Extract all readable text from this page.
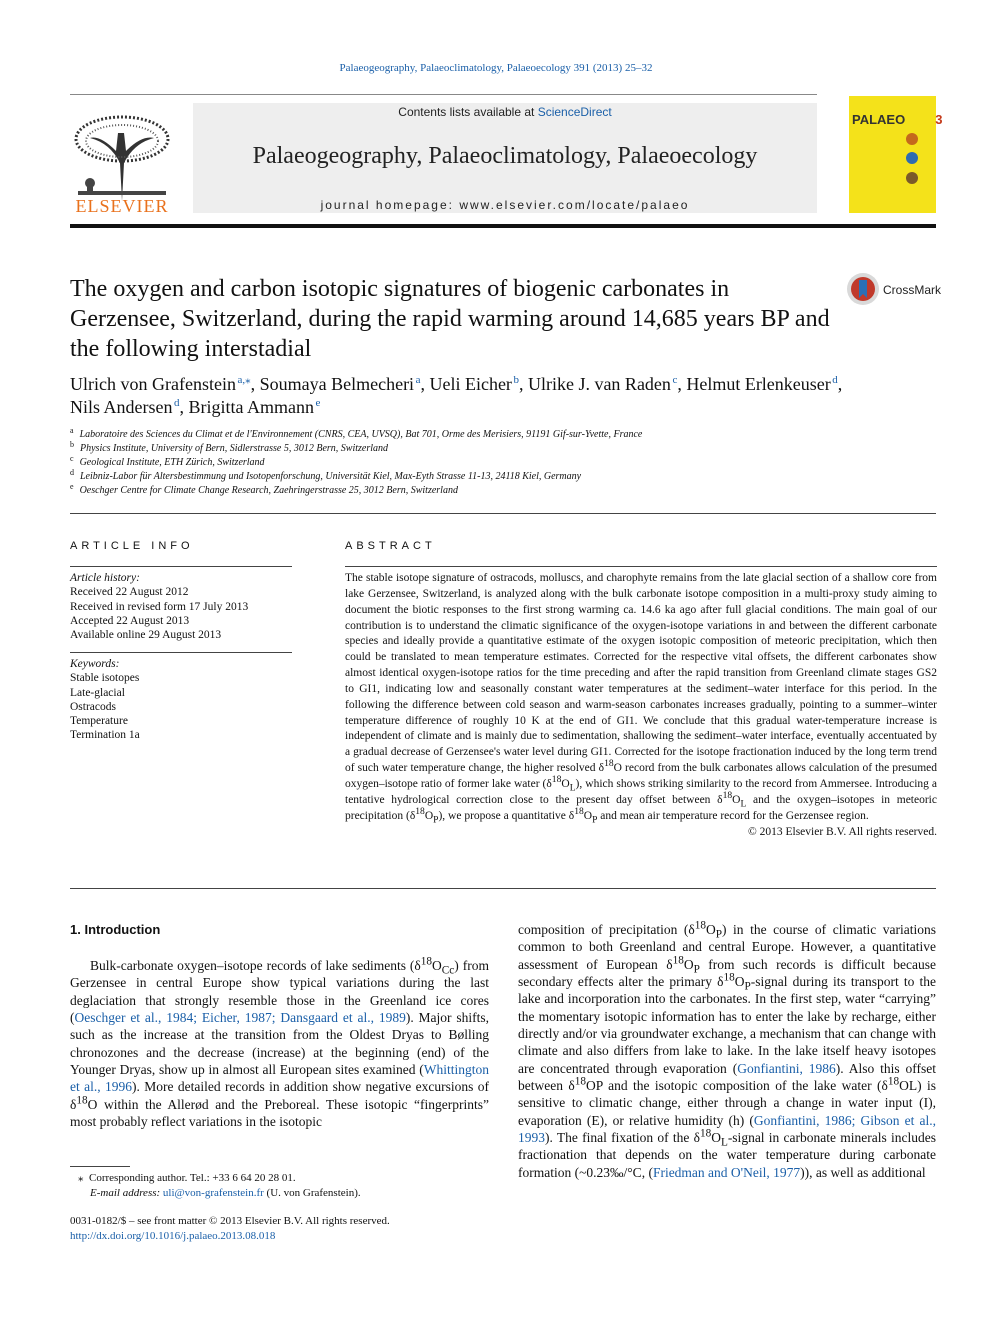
Palaeogeography, Palaeoclimatology, Palaeoecology 391 (2013) 25–32
ELSEVIER
Contents lists available at ScienceDirect
Palaeogeography, Palaeoclimatology, Palaeoecology
journal homepage: www.elsevier.com/locate/palaeo
PALAEO 3
The oxygen and carbon isotopic signatures of biogenic carbonates in Gerzensee, Switzerland, during the rapid warming around 14,685 years BP and the following interstadial
CrossMark
Ulrich von Grafenstein  $^{a,⁎}$, Soumaya Belmecheri  $^a$, Ueli Eicher  $^b$, Ulrike J. van Raden  $^c$, Helmut Erlenkeuser  $^d$,
Nils Andersen  $^d$, Brigitta Ammann  $^e$
$^a$ Laboratoire des Sciences du Climat et de l'Environnement (CNRS, CEA, UVSQ), Bat 701, Orme des Merisiers, 91191 Gif-sur-Yvette, France
$^b$ Physics Institute, University of Bern, Sidlerstrasse 5, 3012 Bern, Switzerland
$^c$ Geological Institute, ETH Zürich, Switzerland
$^d$ Leibniz-Labor für Altersbestimmung und Isotopenforschung, Universität Kiel, Max-Eyth Strasse 11-13, 24118 Kiel, Germany
$^e$ Oeschger Centre for Climate Change Research, Zaehringerstrasse 25, 3012 Bern, Switzerland
ARTICLE INFO
Article history:
Received 22 August 2012
Received in revised form 17 July 2013
Accepted 22 August 2013
Available online 29 August 2013
Keywords:
Stable isotopes
Late-glacial
Ostracods
Temperature
Termination 1a
ABSTRACT
The stable isotope signature of ostracods, molluscs, and charophyte remains from the late glacial section of a shallow core from lake Gerzensee, Switzerland, is analyzed along with the bulk carbonate isotope composition in a multi-proxy study aiming to document the biotic responses to the first strong warming ca. 14.6 ka ago after full glacial conditions. The main goal of our contribution is to understand the climatic significance of the oxygen-isotope variations in and between the different carbonate species and ideally provide a quantitative estimate of the oxygen isotopic composition of meteoric precipitation, which then could be translated to mean temperature estimates. Corrected for the respective vital offsets, the different carbonates show almost identical oxygen-isotope ratios for the time preceding and after the rapid transition from Greenland climate stages GS2 to GI1, indicating low and seasonally constant water temperatures at the sediment–water interface for this period. In the following the difference between cold season and warm-season carbonates increases gradually, pointing to a summer–winter temperature difference of roughly 10 K at the end of GI1. We conclude that this gradual water-temperature increase is independent of climate and is mainly due to sedimentation, shallowing the sediment–water interface, eventually accentuated by a gradual decrease of Gerzensee's water level during GI1. Corrected for the isotope fractionation induced by the long term trend of such water temperature change, the higher resolved $\delta^{18}O$ record from the bulk carbonates allows calculation of the presumed oxygen–isotope ratio of former lake water $(\delta^{18}O_L)$, which shows striking similarity to the record from Ammersee. Introducing a tentative hydrological correction close to the present day offset between $\delta^{18}O_L$ and the oxygen–isotopes in meteoric precipitation $(\delta^{18}O_P)$, we propose a quantitative $\delta^{18}O_P$ and mean air temperature record for the Gerzensee region.
© 2013 Elsevier B.V. All rights reserved.
1. Introduction

Bulk-carbonate oxygen–isotope records of lake sediments $(\delta^{18}O_{Cc})$ from Gerzensee in central Europe show typical variations during the last deglaciation that strongly resemble those in the Greenland ice cores (Oeschger et al., 1984; Eicher, 1987; Dansgaard et al., 1989). Major shifts, such as the increase at the transition from the Oldest Dryas to Bølling chronozones and the decrease (increase) at the beginning (end) of the Younger Dryas, show up in almost all European sites examined (Whittington et al., 1996). More detailed records in addition show negative excursions of $\delta^{18}O$ within the Allerød and the Preboreal. These isotopic “fingerprints” most probably reflect variations in the isotopic

composition of precipitation $(\delta^{18}O_P)$ in the course of climatic variations common to both Greenland and central Europe. However, a quantitative assessment of European $\delta^{18}O_P$ from such records is difficult because secondary effects alter the primary $\delta^{18}O_P$-signal during its transport to the lake and incorporation into the carbonates. In the first step, water “carrying” the momentary isotopic information has to enter the lake by recharge, either directly and/or via groundwater exchange, a mechanism that can change with climate and also differs from lake to lake. In the lake itself heavy isotopes are concentrated through evaporation (Gonfiantini, 1986). Also this offset between $\delta^{18}OP$ and the isotopic composition of the lake water $(\delta^{18}OL)$ is sensitive to climatic change, either through a change in water input (I), evaporation (E), or relative humidity (h) (Gonfiantini, 1986; Gibson et al., 1993). The final fixation of the $\delta^{18}O_L$-signal in carbonate minerals includes fractionation that depends on the water temperature during carbonate formation (~0.23‰/°C, (Friedman and O'Neil, 1977)), as well as additional

⁎  Corresponding author. Tel.: +33 6 64 20 28 01.
E-mail address: uli@von-grafenstein.fr (U. von Grafenstein).
0031-0182/$ – see front matter © 2013 Elsevier B.V. All rights reserved.
http://dx.doi.org/10.1016/j.palaeo.2013.08.018
